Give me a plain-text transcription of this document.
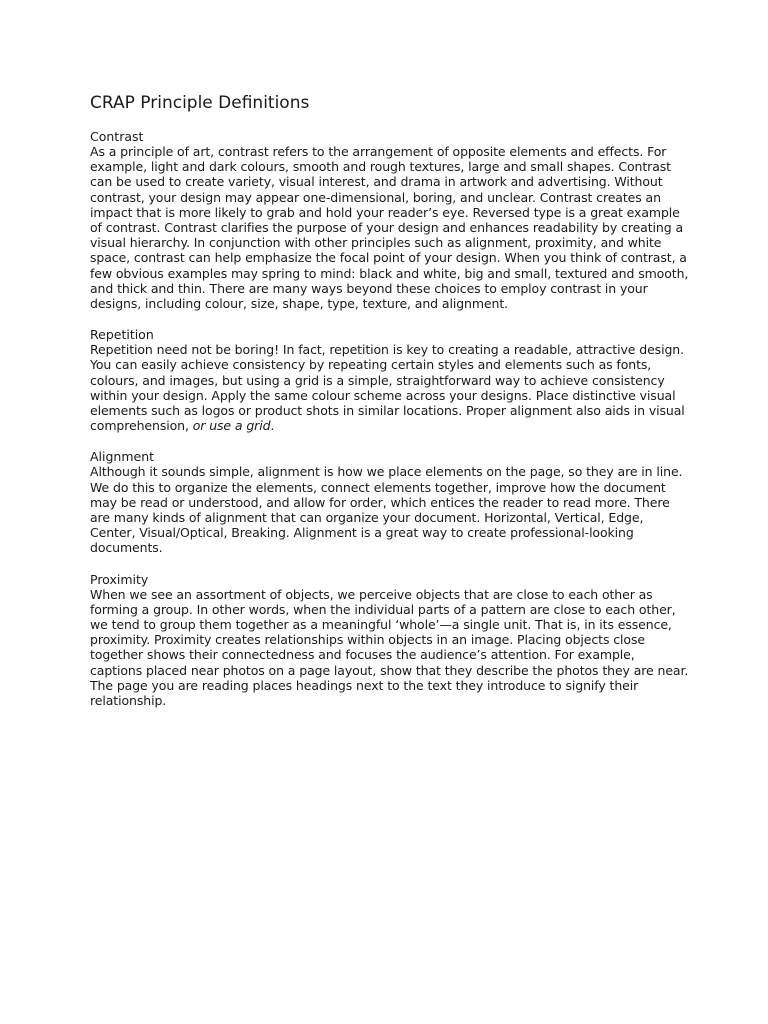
CRAP Principle Definitions

Contrast

As a principle of art, contrast refers to the arrangement of opposite elements and effects. For example, light and dark colours, smooth and rough textures, large and small shapes. Contrast can be used to create variety, visual interest, and drama in artwork and advertising. Without contrast, your design may appear one-dimensional, boring, and unclear. Contrast creates an impact that is more likely to grab and hold your reader’s eye. Reversed type is a great example of contrast. Contrast clarifies the purpose of your design and enhances readability by creating a visual hierarchy. In conjunction with other principles such as alignment, proximity, and white space, contrast can help emphasize the focal point of your design. When you think of contrast, a few obvious examples may spring to mind: black and white, big and small, textured and smooth, and thick and thin. There are many ways beyond these choices to employ contrast in your designs, including colour, size, shape, type, texture, and alignment.

Repetition

Repetition need not be boring! In fact, repetition is key to creating a readable, attractive design. You can easily achieve consistency by repeating certain styles and elements such as fonts, colours, and images, but using a grid is a simple, straightforward way to achieve consistency within your design. Apply the same colour scheme across your designs. Place distinctive visual elements such as logos or product shots in similar locations. Proper alignment also aids in visual comprehension, or use a grid.

Alignment

Although it sounds simple, alignment is how we place elements on the page, so they are in line. We do this to organize the elements, connect elements together, improve how the document may be read or understood, and allow for order, which entices the reader to read more. There are many kinds of alignment that can organize your document. Horizontal, Vertical, Edge, Center, Visual/Optical, Breaking. Alignment is a great way to create professional-looking documents.

Proximity

When we see an assortment of objects, we perceive objects that are close to each other as forming a group. In other words, when the individual parts of a pattern are close to each other, we tend to group them together as a meaningful ‘whole’—a single unit. That is, in its essence, proximity. Proximity creates relationships within objects in an image. Placing objects close together shows their connectedness and focuses the audience’s attention. For example, captions placed near photos on a page layout, show that they describe the photos they are near. The page you are reading places headings next to the text they introduce to signify their relationship.
